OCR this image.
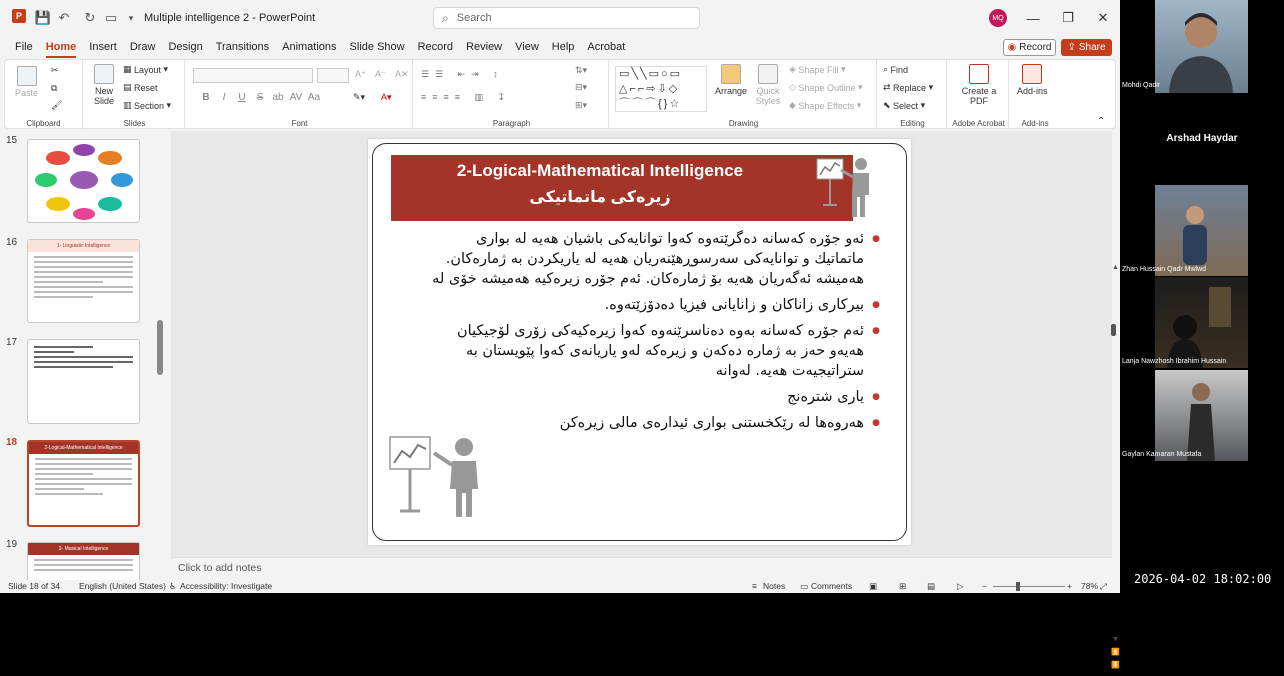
P 💾 ↶	↻ ▭	▾ Multiple intelligence 2 - PowerPoint	⌕ Search	MQ —	❐	✕
File Home Insert Draw Design Transitions Animations Slide Show Record Review View Help Acrobat	◉ Record ⇪ Share
Paste
✂
⧉
🖌
Clipboard
New Slide
▦ Layout ▾
▤ Reset
▥ Section ▾
Slides
A⁺ A⁻ A✕
B	I	U	S ab AV Aa	✎▾ A▾
Font
☰☰ ⇤⇥ ↕
≡≡≡≡ ▥ ↧
⇅▾
⊟▾
⊞▾
Paragraph
▭╲╲▭○▭
△⌐⌐⇨⇩◇
⌒⌒⌒{}☆
Arrange	Quick Styles
◈ Shape Fill ▾
◇ Shape Outline ▾
◆ Shape Effects ▾
Drawing
⌕ Find
⇄ Replace ▾
⬉ Select ▾
Editing
Create a PDF
Adobe Acrobat
Add-ins
Add-ins	⌃
15
16	1- Linguistic Intelligence
17
18	2-Logical-Mathematical Intelligence
19	3- Musical Intelligence
2-Logical-Mathematical Intelligence
زیرەکی ماتماتیکی
● ئەو جۆرە کەسانە دەگرێتەوە کەوا توانایەکی باشیان هەیە لە بواری ماتماتیك و توانایەکی سەرسوڕهێنەریان هەیە لە یاریکردن بە ژمارەکان. هەمیشە ئەگەریان هەیە بۆ ژمارەکان. ئەم جۆرە زیرەکیە هەمیشە خۆی لە
● بیرکاری زاناکان و زانایانی فیزیا دەدۆزێتەوە.
● ئەم جۆرە کەسانە بەوە دەناسرێنەوە کەوا زیرەکیەکی زۆری لۆجیکیان هەیەو حەز بە ژمارە دەکەن و زیرەکە لەو یاریانەی کەوا پێویستان بە ستراتیجیەت هەیە. لەوانە
● یاری شترەنج
● هەروەها لە رێکخستنی بواری ئیدارەی مالی زیرەکن
▲
▼
⏫
⏬
Click to add notes
Slide 18 of 34 English (United States) ♿ Accessibility: Investigate	≡ Notes ▭ Comments ▣	⊞ ▤	▷ −	+ 78% ⤢
Mohdi Qadir
Arshad Haydar
Zhan Hussain Qadr Mwlwd
Lanja Nawzhosh Ibrahim Hussain
Gaylan Kamaran Mustafa
2026-04-02 18:02:00
